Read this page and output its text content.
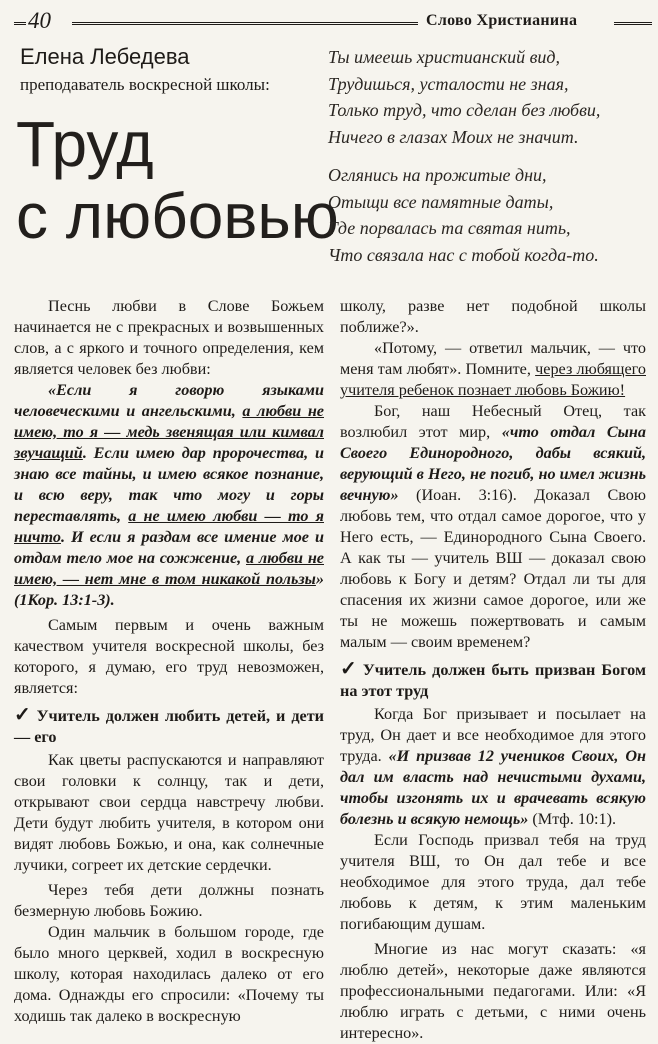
40	Слово Христианина
Елена Лебедева
преподаватель воскресной школы:
Труд
с любовью
Ты имеешь христианский вид,
Трудишься, усталости не зная,
Только труд, что сделан без любви,
Ничего в глазах Моих не значит.
Оглянись на прожитые дни,
Отыщи все памятные даты,
Где порвалась та святая нить,
Что связала нас с тобой когда-то.

Песнь любви в Слове Божьем начинается не с прекрасных и возвышенных слов, а с яркого и точного определения, кем является человек без любви:

«Если я говорю языками человеческими и ангельскими, а любви не имею, то я — медь звенящая или кимвал звучащий. Если имею дар пророчества, и знаю все тайны, и имею всякое познание, и всю веру, так что могу и горы переставлять, а не имею любви — то я ничто. И если я раздам все имение мое и отдам тело мое на сожжение, а любви не имею, — нет мне в том никакой пользы» (1Кор. 13:1-3).

Самым первым и очень важным качеством учителя воскресной школы, без которого, я думаю, его труд невозможен, является:

✓ Учитель должен любить детей, и дети — его

Как цветы распускаются и направляют свои головки к солнцу, так и дети, открывают свои сердца навстречу любви. Дети будут любить учителя, в котором они видят любовь Божью, и она, как солнечные лучики, согреет их детские сердечки.

Через тебя дети должны познать безмерную любовь Божию.

Один мальчик в большом городе, где было много церквей, ходил в воскресную школу, которая находилась далеко от его дома. Однажды его спросили: «Почему ты ходишь так далеко в воскресную

школу, разве нет подобной школы поближе?».

«Потому, — ответил мальчик, — что меня там любят». Помните, через любящего учителя ребенок познает любовь Божию!

Бог, наш Небесный Отец, так возлюбил этот мир, «что отдал Сына Своего Единородного, дабы всякий, верующий в Него, не погиб, но имел жизнь вечную» (Иоан. 3:16). Доказал Свою любовь тем, что отдал самое дорогое, что у Него есть, — Единородного Сына Своего. А как ты — учитель ВШ — доказал свою любовь к Богу и детям? Отдал ли ты для спасения их жизни самое дорогое, или же ты не можешь пожертвовать и самым малым — своим временем?

✓ Учитель должен быть призван Богом на этот труд

Когда Бог призывает и посылает на труд, Он дает и все необходимое для этого труда. «И призвав 12 учеников Своих, Он дал им власть над нечистыми духами, чтобы изгонять их и врачевать всякую болезнь и всякую немощь» (Мтф. 10:1).

Если Господь призвал тебя на труд учителя ВШ, то Он дал тебе и все необходимое для этого труда, дал тебе любовь к детям, к этим маленьким погибающим душам.

Многие из нас могут сказать: «я люблю детей», некоторые даже являются профессиональными педагогами. Или: «Я люблю играть с детьми, с ними очень интересно».
